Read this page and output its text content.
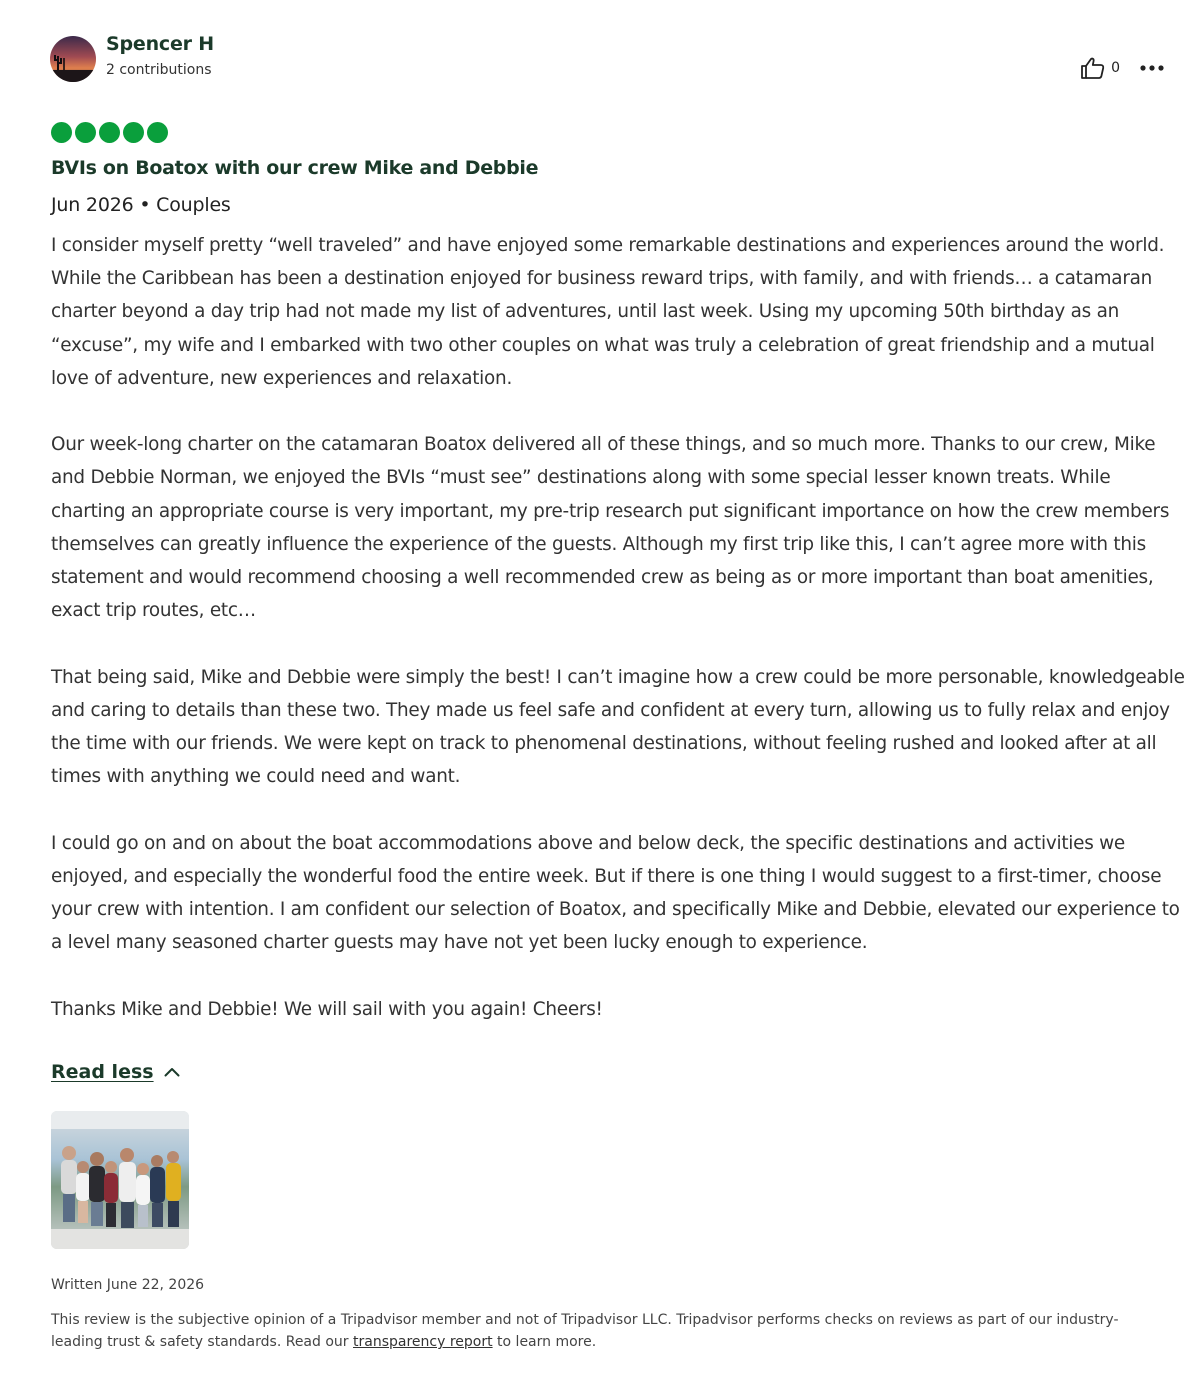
Spencer H
2 contributions	0
BVIs on Boatox with our crew Mike and Debbie
Jun 2026 • Couples

I consider myself pretty “well traveled” and have enjoyed some remarkable destinations and experiences around the world. While the Caribbean has been a destination enjoyed for business reward trips, with family, and with friends… a catamaran charter beyond a day trip had not made my list of adventures, until last week. Using my upcoming 50th birthday as an “excuse”, my wife and I embarked with two other couples on what was truly a celebration of great friendship and a mutual love of adventure, new experiences and relaxation.

Our week-long charter on the catamaran Boatox delivered all of these things, and so much more. Thanks to our crew, Mike and Debbie Norman, we enjoyed the BVIs “must see” destinations along with some special lesser known treats. While charting an appropriate course is very important, my pre-trip research put significant importance on how the crew members themselves can greatly influence the experience of the guests. Although my first trip like this, I can’t agree more with this statement and would recommend choosing a well recommended crew as being as or more important than boat amenities, exact trip routes, etc…

That being said, Mike and Debbie were simply the best! I can’t imagine how a crew could be more personable, knowledgeable and caring to details than these two. They made us feel safe and confident at every turn, allowing us to fully relax and enjoy the time with our friends. We were kept on track to phenomenal destinations, without feeling rushed and looked after at all times with anything we could need and want.

I could go on and on about the boat accommodations above and below deck, the specific destinations and activities we enjoyed, and especially the wonderful food the entire week. But if there is one thing I would suggest to a first-timer, choose your crew with intention. I am confident our selection of Boatox, and specifically Mike and Debbie, elevated our experience to a level many seasoned charter guests may have not yet been lucky enough to experience.

Thanks Mike and Debbie! We will sail with you again! Cheers!

Read less
Written June 22, 2026
This review is the subjective opinion of a Tripadvisor member and not of Tripadvisor LLC. Tripadvisor performs checks on reviews as part of our industry-leading trust & safety standards. Read our transparency report to learn more.
